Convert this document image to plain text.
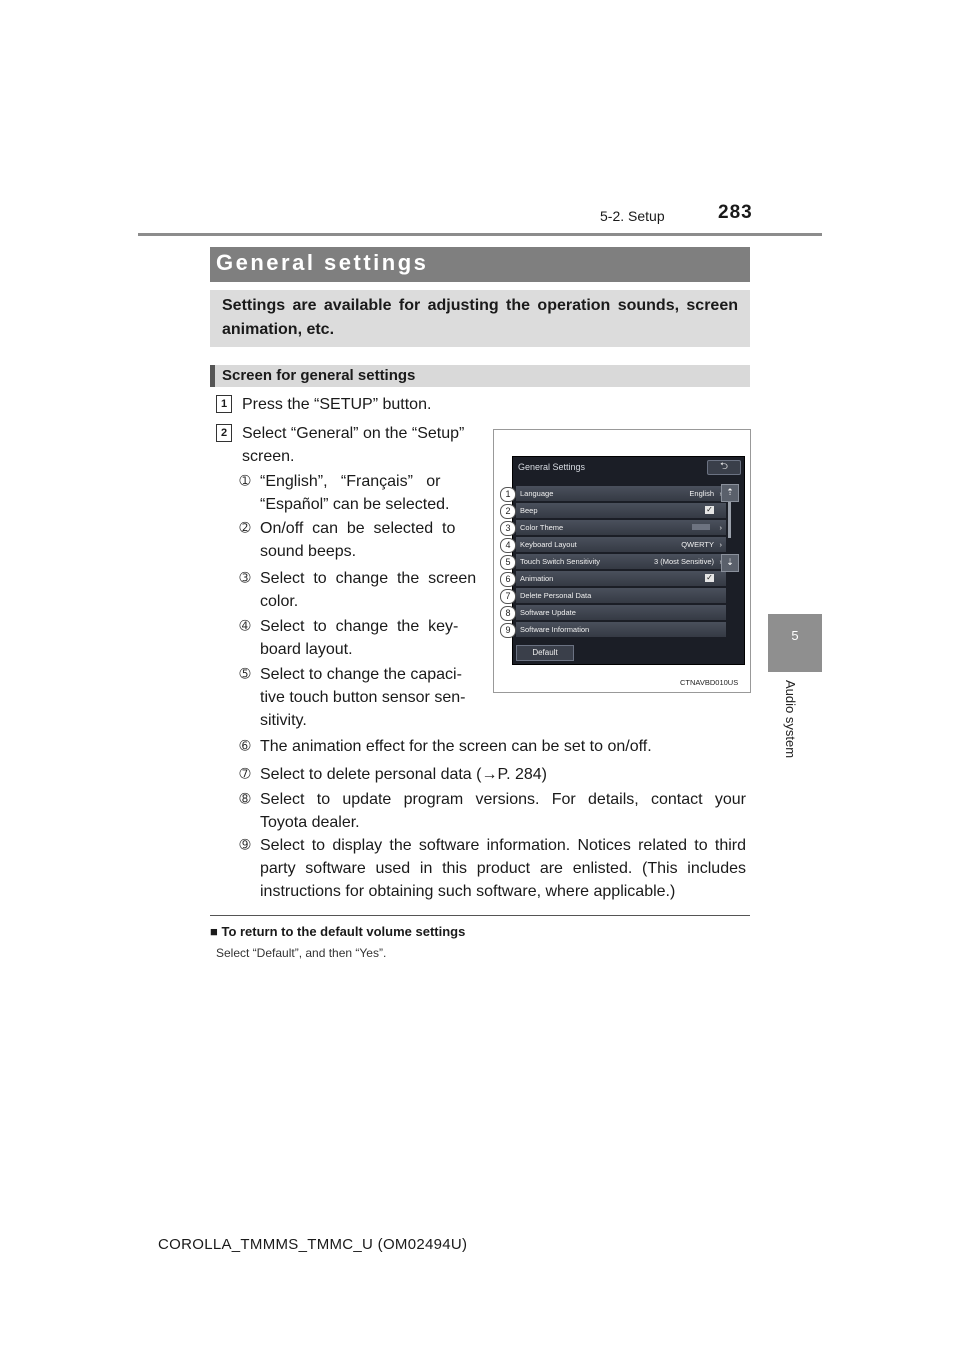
5-2. Setup	283
5
Audio system
General settings
Settings are available for adjusting the operation sounds, screen animation, etc.
Screen for general settings
1 Press the “SETUP” button.
2 Select “General” on the “Setup”
screen.
➀ “English”,   “Français”   or
“Español” can be selected.
➁ On/off  can  be  selected  to
sound beeps.
➂ Select  to  change  the  screen
color.
➃ Select  to  change  the  key-
board layout.
➄ Select to change the capaci-
tive touch button sensor sen-
sitivity.
➅ The animation effect for the screen can be set to on/off.
➆ Select to delete personal data (→P. 284)
➇ Select to update program versions. For details, contact your
Toyota dealer.
➈ Select to display the software information. Notices related to third
party software used in this product are enlisted. (This includes
instructions for obtaining such software, where applicable.)
General Settings	⮌
Language	English
Beep	✓
Color Theme	›
Keyboard Layout	QWERTY ›
Touch Switch Sensitivity	3 (Most Sensitive)
Animation	✓
Delete Personal Data
Software Update
Software Information
⇡
⇣
Default
1
2
3
4
5
6
7
8
9
CTNAVBD010US
■ To return to the default volume settings
Select “Default”, and then “Yes”.
COROLLA_TMMMS_TMMC_U (OM02494U)
